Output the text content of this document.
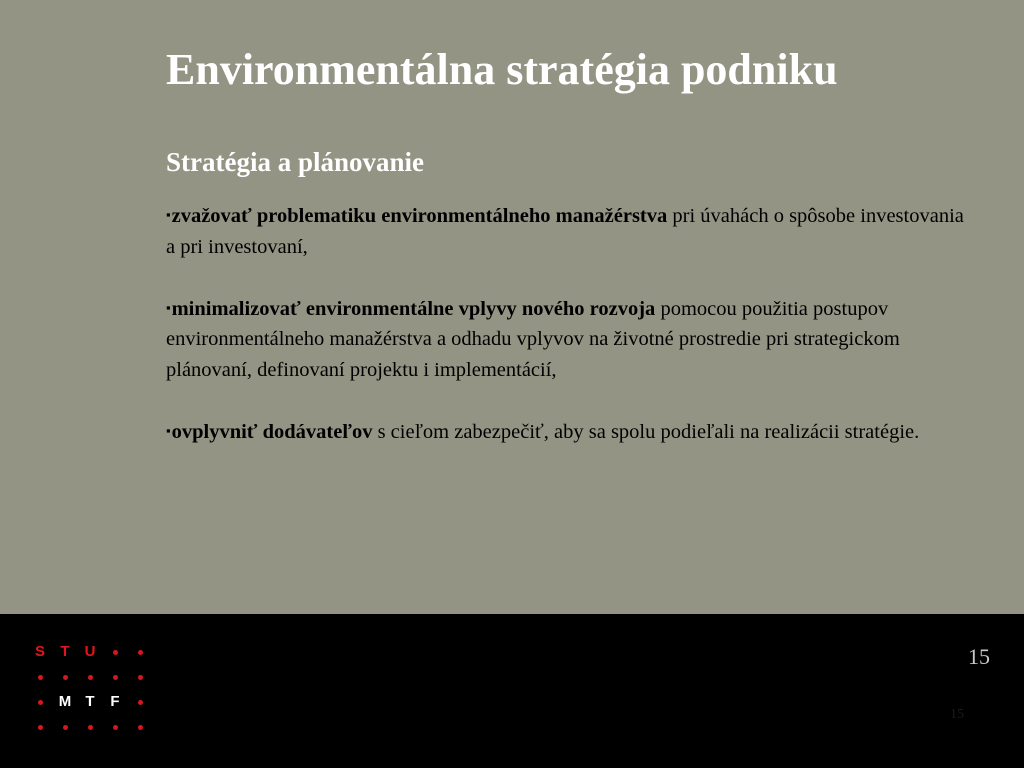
Environmentálna stratégia podniku
Stratégia a plánovanie
▪zvažovať problematiku environmentálneho manažérstva pri úvahách o spôsobe investovania a pri investovaní,
▪minimalizovať environmentálne vplyvy nového rozvoja pomocou použitia postupov environmentálneho manažérstva a odhadu vplyvov na životné prostredie pri strategickom plánovaní, definovaní projektu i implementácií,
▪ovplyvniť dodávateľov s cieľom zabezpečiť, aby sa spolu podieľali na realizácii stratégie.
S	T	U
M T	F
15
15
